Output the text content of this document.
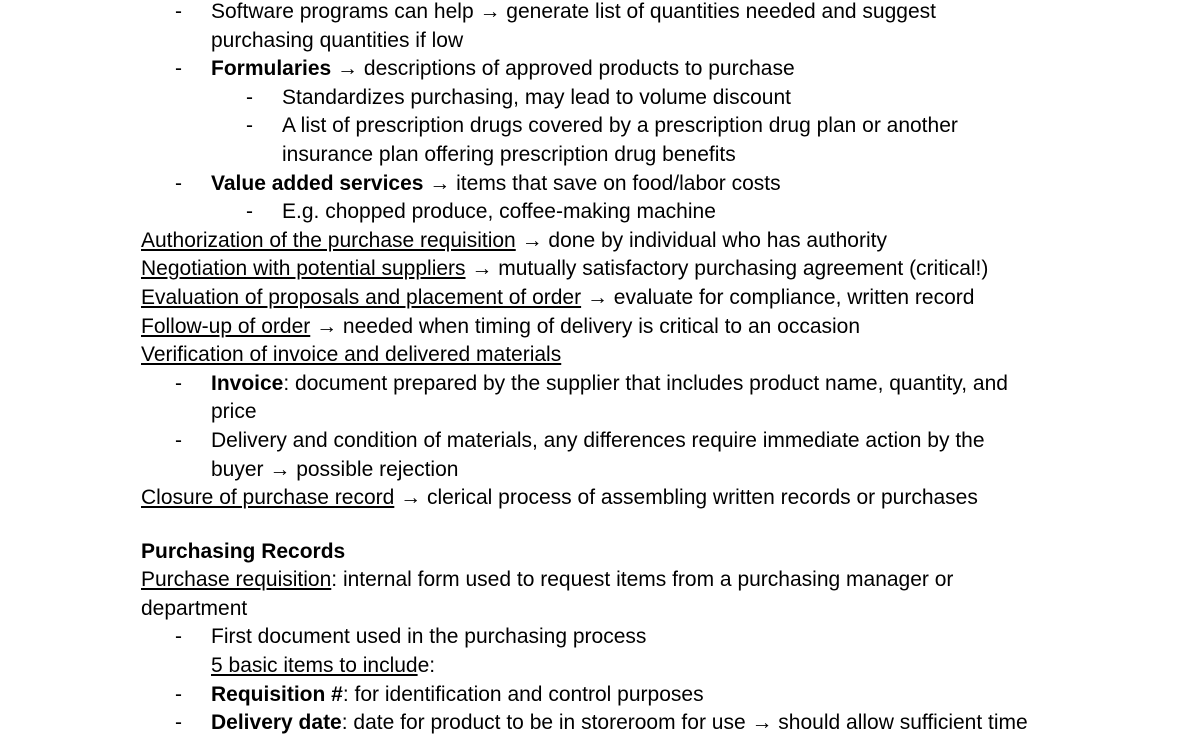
- Software programs can help → generate list of quantities needed and suggest
purchasing quantities if low
- Formularies → descriptions of approved products to purchase
- Standardizes purchasing, may lead to volume discount
- A list of prescription drugs covered by a prescription drug plan or another
insurance plan offering prescription drug benefits
- Value added services → items that save on food/labor costs
- E.g. chopped produce, coffee-making machine
Authorization of the purchase requisition → done by individual who has authority
Negotiation with potential suppliers → mutually satisfactory purchasing agreement (critical!)
Evaluation of proposals and placement of order → evaluate for compliance, written record
Follow-up of order → needed when timing of delivery is critical to an occasion
Verification of invoice and delivered materials
- Invoice: document prepared by the supplier that includes product name, quantity, and
price
- Delivery and condition of materials, any differences require immediate action by the
buyer → possible rejection
Closure of purchase record → clerical process of assembling written records or purchases
Purchasing Records
Purchase requisition: internal form used to request items from a purchasing manager or
department
- First document used in the purchasing process
5 basic items to include:
- Requisition #: for identification and control purposes
- Delivery date: date for product to be in storeroom for use → should allow sufficient time
